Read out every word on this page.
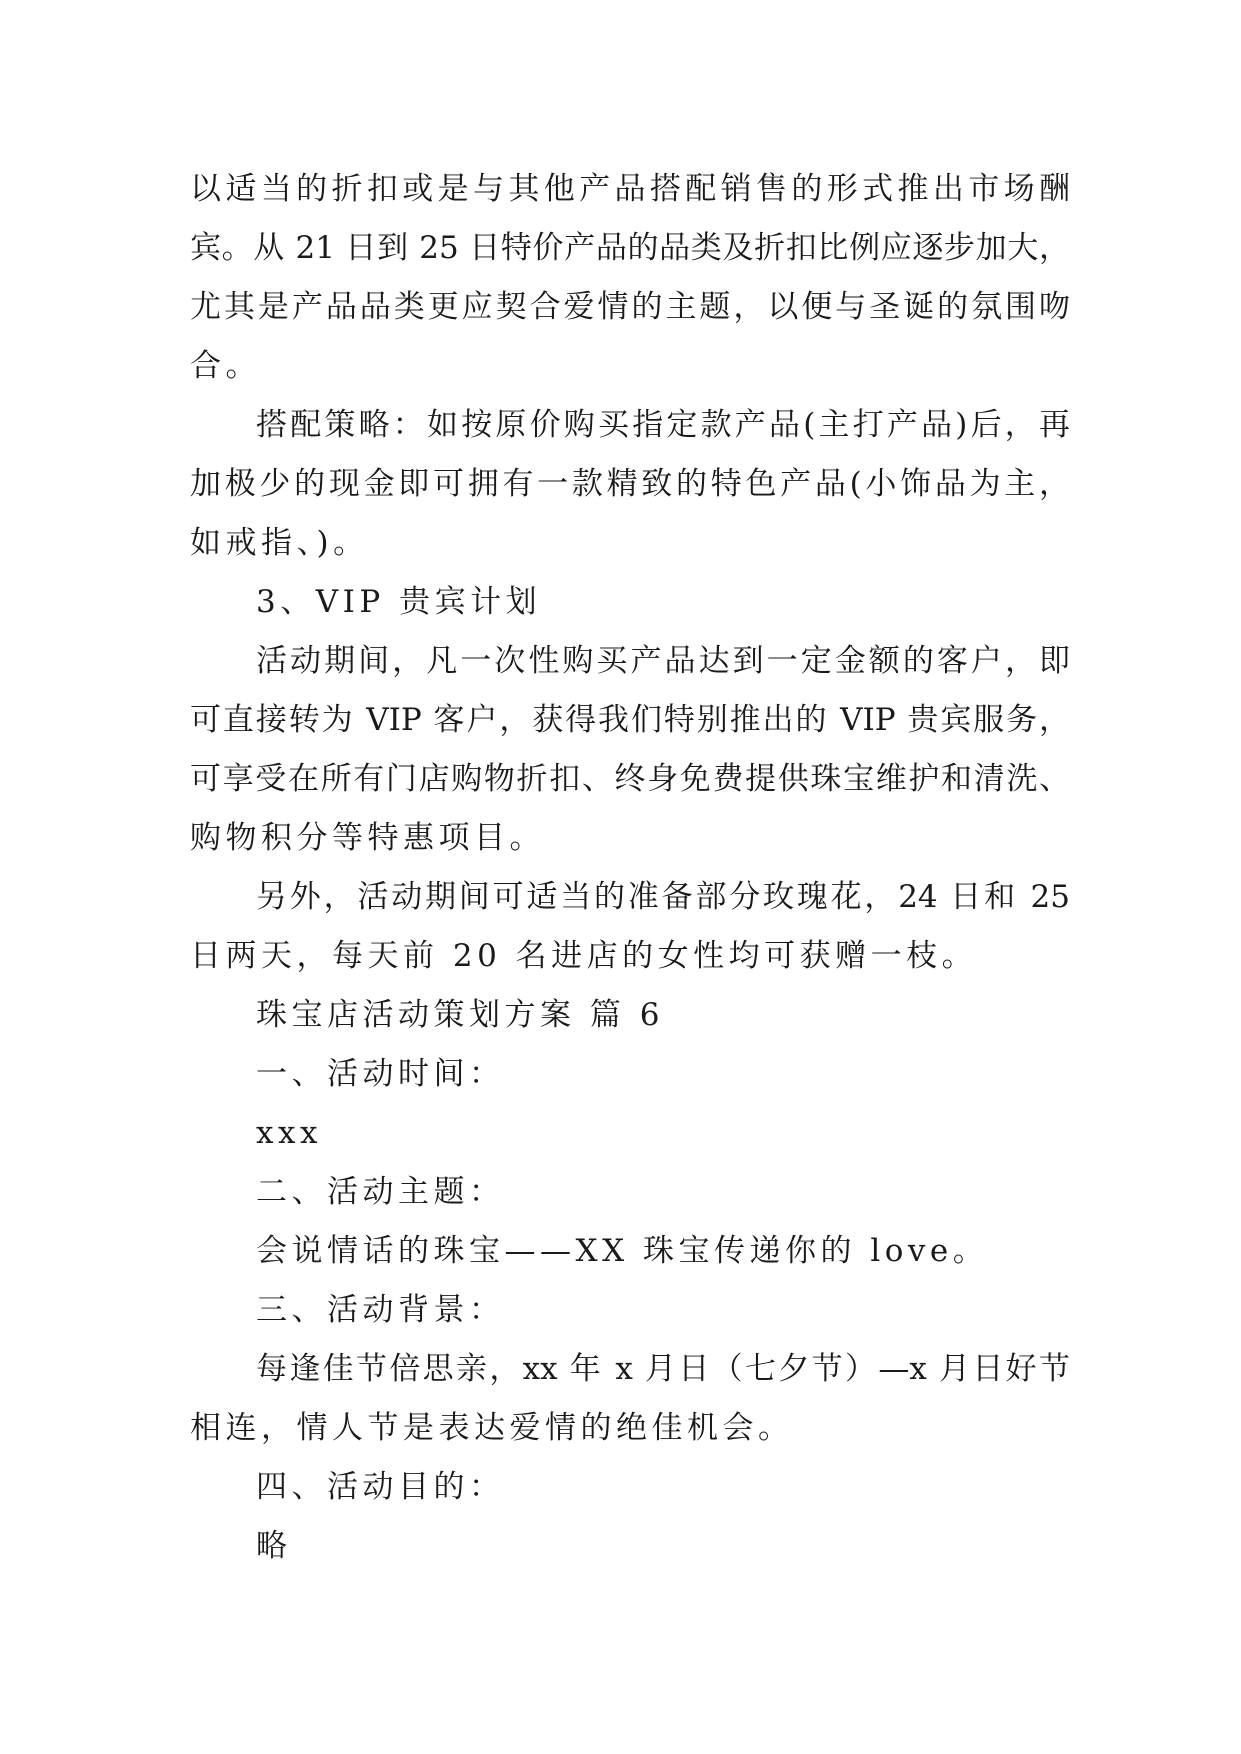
以适当的折扣或是与其他产品搭配销售的形式推出市场酬
宾。从 21 日到 25 日特价产品的品类及折扣比例应逐步加大，
尤其是产品品类更应契合爱情的主题，以便与圣诞的氛围吻
合。
搭配策略：如按原价购买指定款产品(主打产品)后，再
加极少的现金即可拥有一款精致的特色产品(小饰品为主，
如戒指、)。
3、VIP 贵宾计划
活动期间，凡一次性购买产品达到一定金额的客户，即
可直接转为 VIP 客户，获得我们特别推出的 VIP 贵宾服务，
可享受在所有门店购物折扣、终身免费提供珠宝维护和清洗、
购物积分等特惠项目。
另外，活动期间可适当的准备部分玫瑰花，24 日和 25
日两天，每天前 20 名进店的女性均可获赠一枝。
珠宝店活动策划方案 篇 6
一、活动时间：
xxx
二、活动主题：
会说情话的珠宝——XX 珠宝传递你的 love。
三、活动背景：
每逢佳节倍思亲，xx 年 x 月日（七夕节）—x 月日好节
相连，情人节是表达爱情的绝佳机会。
四、活动目的：
略
